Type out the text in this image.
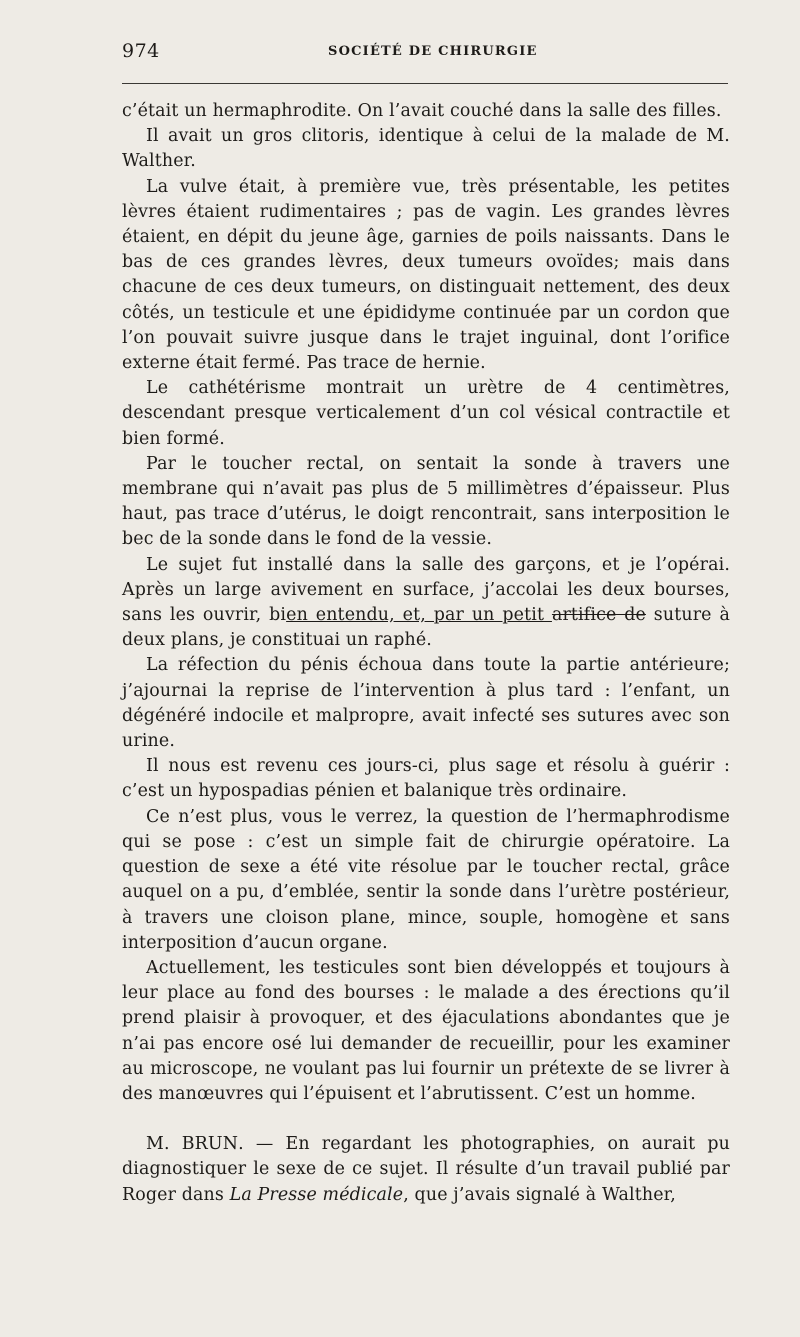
974	SOCIÉTÉ DE CHIRURGIE

c’était un hermaphrodite. On l’avait couché dans la salle des filles.

Il avait un gros clitoris, identique à celui de la malade de M. Walther.

La vulve était, à première vue, très présentable, les petites lèvres étaient rudimentaires ; pas de vagin. Les grandes lèvres étaient, en dépit du jeune âge, garnies de poils naissants. Dans le bas de ces grandes lèvres, deux tumeurs ovoïdes; mais dans chacune de ces deux tumeurs, on distinguait nettement, des deux côtés, un testicule et une épididyme continuée par un cordon que l’on pouvait suivre jusque dans le trajet inguinal, dont l’orifice externe était fermé. Pas trace de hernie.

Le cathétérisme montrait un urètre de 4 centimètres, descendant presque verticalement d’un col vésical contractile et bien formé.

Par le toucher rectal, on sentait la sonde à travers une membrane qui n’avait pas plus de 5 millimètres d’épaisseur. Plus haut, pas trace d’utérus, le doigt rencontrait, sans interposition le bec de la sonde dans le fond de la vessie.

Le sujet fut installé dans la salle des garçons, et je l’opérai. Après un large avivement en surface, j’accolai les deux bourses, sans les ouvrir, bien entendu, et, par un petit artifice de suture à deux plans, je constituai un raphé.

La réfection du pénis échoua dans toute la partie antérieure; j’ajournai la reprise de l’intervention à plus tard : l’enfant, un dégénéré indocile et malpropre, avait infecté ses sutures avec son urine.

Il nous est revenu ces jours-ci, plus sage et résolu à guérir : c’est un hypospadias pénien et balanique très ordinaire.

Ce n’est plus, vous le verrez, la question de l’hermaphrodisme qui se pose : c’est un simple fait de chirurgie opératoire. La question de sexe a été vite résolue par le toucher rectal, grâce auquel on a pu, d’emblée, sentir la sonde dans l’urètre postérieur, à travers une cloison plane, mince, souple, homogène et sans interposition d’aucun organe.

Actuellement, les testicules sont bien développés et toujours à leur place au fond des bourses : le malade a des érections qu’il prend plaisir à provoquer, et des éjaculations abondantes que je n’ai pas encore osé lui demander de recueillir, pour les examiner au microscope, ne voulant pas lui fournir un prétexte de se livrer à des manœuvres qui l’épuisent et l’abrutissent. C’est un homme.

M. BRUN. — En regardant les photographies, on aurait pu diagnostiquer le sexe de ce sujet. Il résulte d’un travail publié par Roger dans La Presse médicale, que j’avais signalé à Walther,
